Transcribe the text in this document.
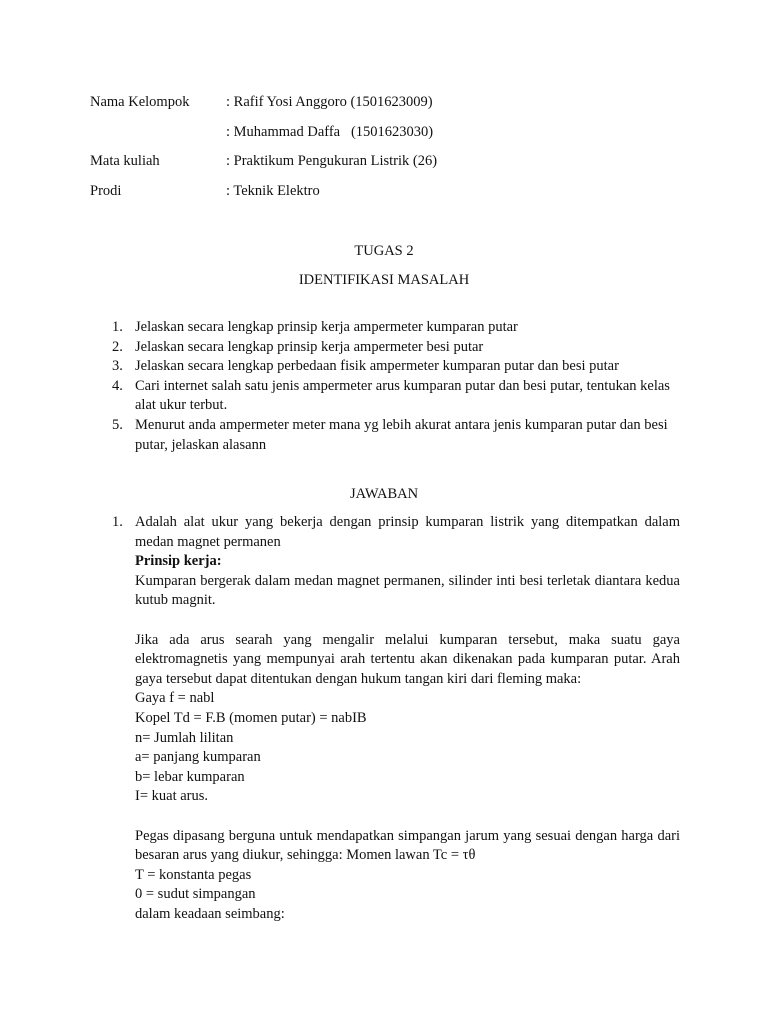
Nama Kelompok	: Rafif Yosi Anggoro (1501623009)
: Muhammad Daffa   (1501623030)
Mata kuliah	: Praktikum Pengukuran Listrik (26)
Prodi	: Teknik Elektro
TUGAS 2
IDENTIFIKASI MASALAH
1. Jelaskan secara lengkap prinsip kerja ampermeter kumparan putar
2. Jelaskan secara lengkap prinsip kerja ampermeter besi putar
3. Jelaskan secara lengkap perbedaan fisik ampermeter kumparan putar dan besi putar
4. Cari internet salah satu jenis ampermeter arus kumparan putar dan besi putar, tentukan kelas alat ukur terbut.
5. Menurut anda ampermeter meter mana yg lebih akurat antara jenis kumparan putar dan besi putar, jelaskan alasann
JAWABAN
1. Adalah alat ukur yang bekerja dengan prinsip kumparan listrik yang ditempatkan dalam medan magnet permanen
Prinsip kerja:
Kumparan bergerak dalam medan magnet permanen, silinder inti besi terletak diantara kedua kutub magnit.
Jika ada arus searah yang mengalir melalui kumparan tersebut, maka suatu gaya elektromagnetis yang mempunyai arah tertentu akan dikenakan pada kumparan putar. Arah gaya tersebut dapat ditentukan dengan hukum tangan kiri dari fleming maka:
Gaya f = nabl
Kopel Td = F.B (momen putar) = nabIB
n= Jumlah lilitan
a= panjang kumparan
b= lebar kumparan
I= kuat arus.
Pegas dipasang berguna untuk mendapatkan simpangan jarum yang sesuai dengan harga dari besaran arus yang diukur, sehingga: Momen lawan Tc = τθ
T = konstanta pegas
0 = sudut simpangan
dalam keadaan seimbang:
